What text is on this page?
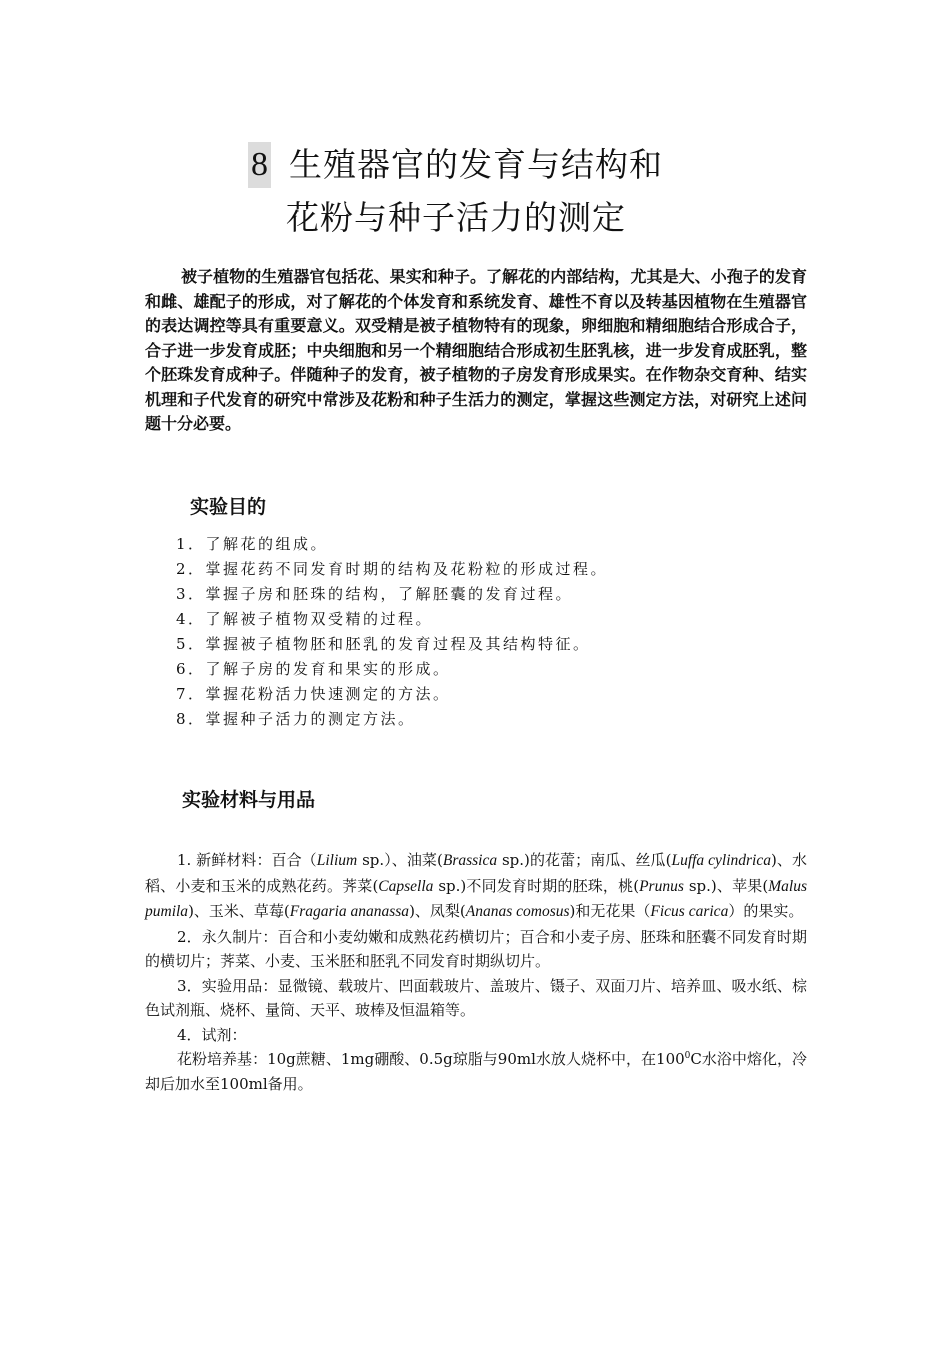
8 生殖器官的发育与结构和
花粉与种子活力的测定

被子植物的生殖器官包括花、果实和种子。了解花的内部结构，尤其是大、小孢子的发育和雌、雄配子的形成，对了解花的个体发育和系统发育、雄性不育以及转基因植物在生殖器官的表达调控等具有重要意义。双受精是被子植物特有的现象，卵细胞和精细胞结合形成合子，合子进一步发育成胚；中央细胞和另一个精细胞结合形成初生胚乳核，进一步发育成胚乳，整个胚珠发育成种子。伴随种子的发育，被子植物的子房发育形成果实。在作物杂交育种、结实机理和子代发育的研究中常涉及花粉和种子生活力的测定，掌握这些测定方法，对研究上述问题十分必要。

实验目的
1．了解花的组成。
2．掌握花药不同发育时期的结构及花粉粒的形成过程。
3．掌握子房和胚珠的结构，了解胚囊的发育过程。
4．了解被子植物双受精的过程。
5．掌握被子植物胚和胚乳的发育过程及其结构特征。
6．了解子房的发育和果实的形成。
7．掌握花粉活力快速测定的方法。
8．掌握种子活力的测定方法。
实验材料与用品

1. 新鲜材料：百合（Lilium sp.）、油菜(Brassica sp.)的花蕾；南瓜、丝瓜(Luffa cylindrica)、水稻、小麦和玉米的成熟花药。荠菜(Capsella sp.)不同发育时期的胚珠，桃(Prunus sp.)、苹果(Malus pumila)、玉米、草莓(Fragaria ananassa)、凤梨(Ananas comosus)和无花果（Ficus carica）的果实。

2．永久制片：百合和小麦幼嫩和成熟花药横切片；百合和小麦子房、胚珠和胚囊不同发育时期的横切片；荠菜、小麦、玉米胚和胚乳不同发育时期纵切片。

3．实验用品：显微镜、载玻片、凹面载玻片、盖玻片、镊子、双面刀片、培养皿、吸水纸、棕色试剂瓶、烧杯、量筒、天平、玻棒及恒温箱等。

4．试剂：

花粉培养基：10g蔗糖、1mg硼酸、0.5g琼脂与90ml水放人烧杯中，在$100^0C$水浴中熔化，冷却后加水至100ml备用。
